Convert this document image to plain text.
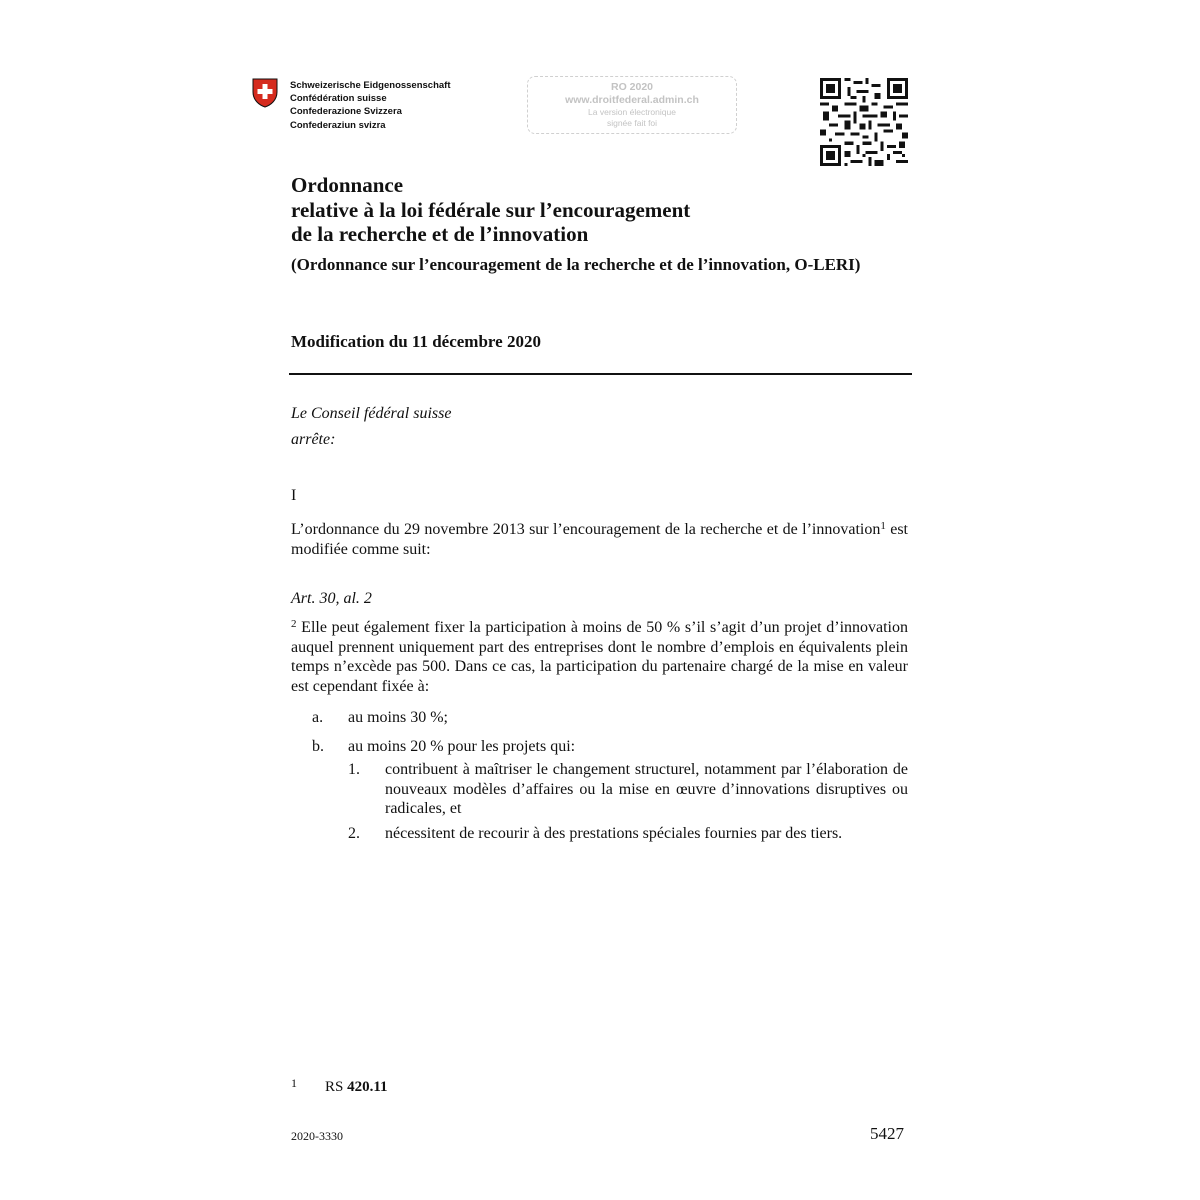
Schweizerische Eidgenossenschaft
Confédération suisse
Confederazione Svizzera
Confederaziun svizra
RO 2020
www.droitfederal.admin.ch
La version électronique
signée fait foi
Ordonnance
relative à la loi fédérale sur l’encouragement
de la recherche et de l’innovation
(Ordonnance sur l’encouragement de la recherche et de l’innovation, O-LERI)
Modification du 11 décembre 2020
Le Conseil fédéral suisse
arrête:
I
L’ordonnance du 29 novembre 2013 sur l’encouragement de la recherche et de l’innovation$^1$ est modifiée comme suit:
Art. 30, al. 2
$^2$ Elle peut également fixer la participation à moins de 50 % s’il s’agit d’un projet d’innovation auquel prennent uniquement part des entreprises dont le nombre d’emplois en équivalents plein temps n’excède pas 500. Dans ce cas, la participation du partenaire chargé de la mise en valeur est cependant fixée à:
a.	au moins 30 %;
b.	au moins 20 % pour les projets qui:
1.	contribuent à maîtriser le changement structurel, notamment par l’élaboration de nouveaux modèles d’affaires ou la mise en œuvre d’innovations disruptives ou radicales, et
2.	nécessitent de recourir à des prestations spéciales fournies par des tiers.
1 RS 420.11
2020-3330	5427
